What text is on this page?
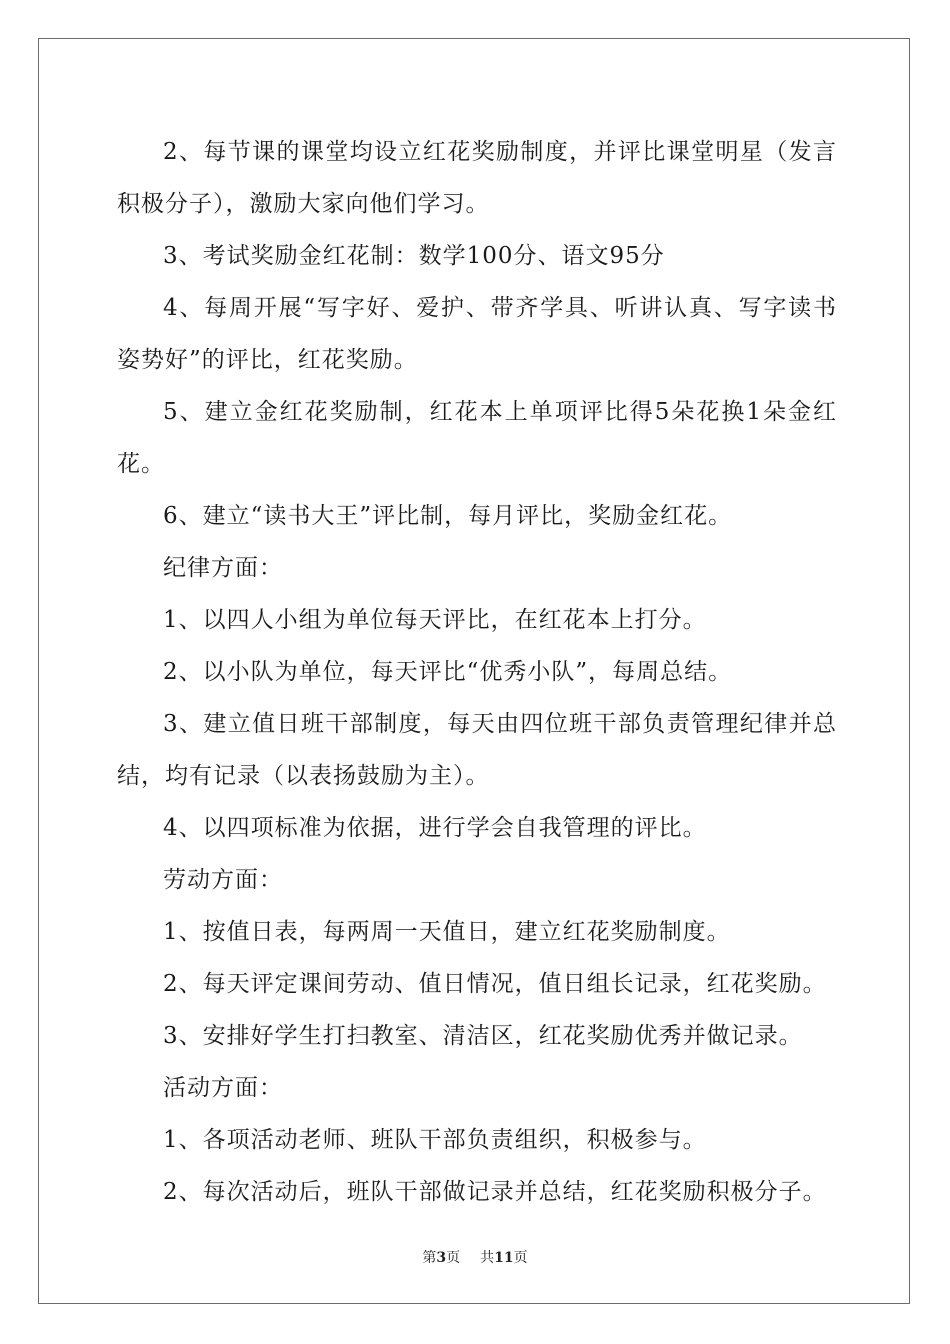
2、每节课的课堂均设立红花奖励制度，并评比课堂明星（发言积极分子），激励大家向他们学习。

3、考试奖励金红花制：数学100分、语文95分

4、每周开展“写字好、爱护、带齐学具、听讲认真、写字读书姿势好”的评比，红花奖励。

5、建立金红花奖励制，红花本上单项评比得5朵花换1朵金红花。

6、建立“读书大王”评比制，每月评比，奖励金红花。

纪律方面：

1、以四人小组为单位每天评比，在红花本上打分。

2、以小队为单位，每天评比“优秀小队”，每周总结。

3、建立值日班干部制度，每天由四位班干部负责管理纪律并总结，均有记录（以表扬鼓励为主）。

4、以四项标准为依据，进行学会自我管理的评比。

劳动方面：

1、按值日表，每两周一天值日，建立红花奖励制度。

2、每天评定课间劳动、值日情况，值日组长记录，红花奖励。

3、安排好学生打扫教室、清洁区，红花奖励优秀并做记录。

活动方面：

1、各项活动老师、班队干部负责组织，积极参与。

2、每次活动后，班队干部做记录并总结，红花奖励积极分子。

第3页 共11页
